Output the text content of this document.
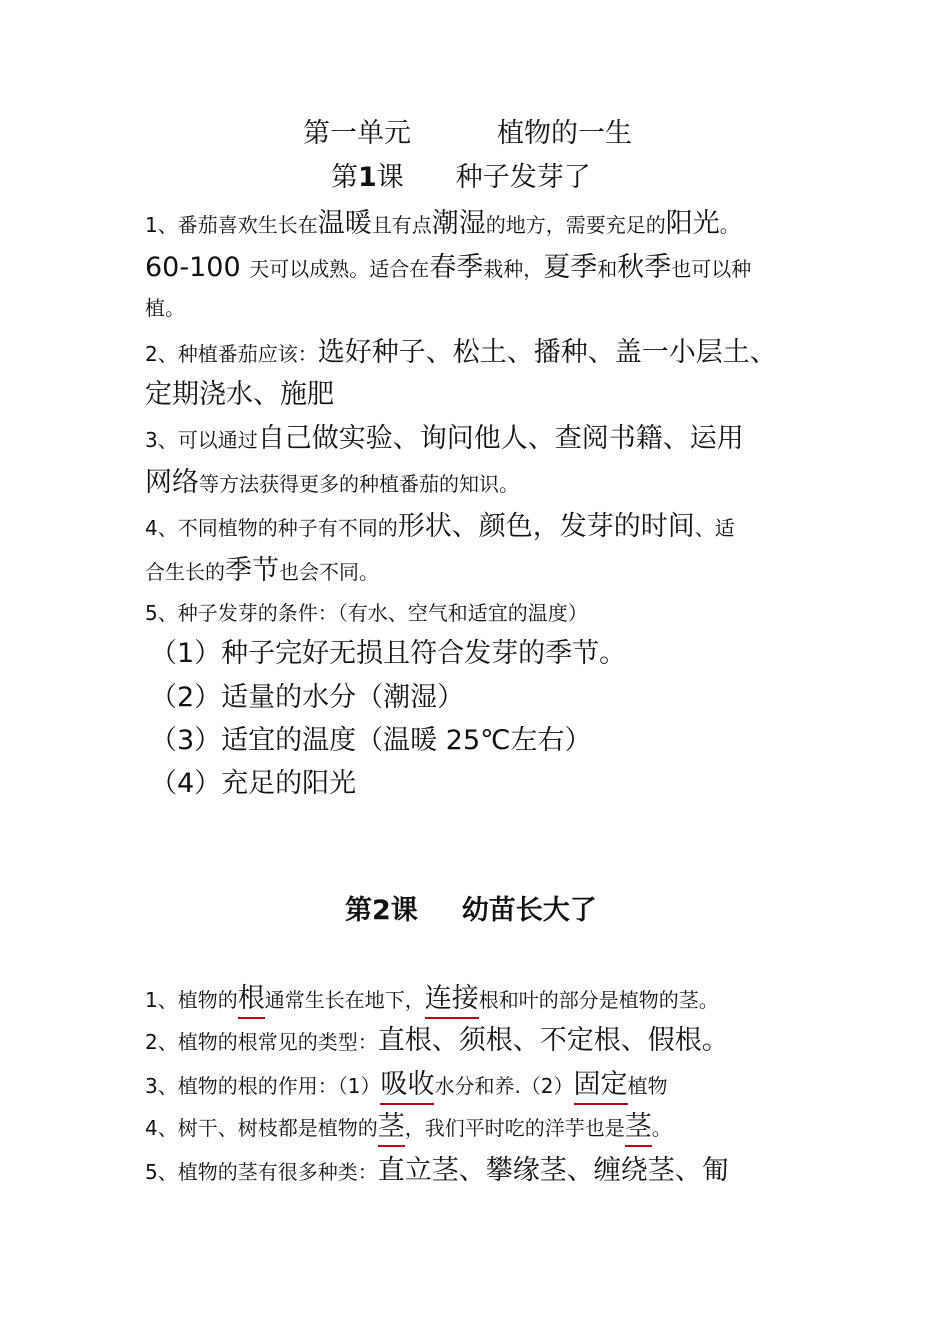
第一单元	植物的一生
第1课 种子发芽了
1、番茄喜欢生长在温暖且有点潮湿的地方，需要充足的阳光。
60-100 天可以成熟。适合在春季栽种，夏季和秋季也可以种
植。
2、种植番茄应该：选好种子、松土、播种、盖一小层土、
定期浇水、施肥
3、可以通过自己做实验、询问他人、查阅书籍、运用
网络等方法获得更多的种植番茄的知识。
4、不同植物的种子有不同的形状、颜色，发芽的时间、适
合生长的季节也会不同。
5、种子发芽的条件：（有水、空气和适宜的温度）
（1）种子完好无损且符合发芽的季节。
（2）适量的水分（潮湿）
（3）适宜的温度（温暖 25℃左右）
（4）充足的阳光
第2课 幼苗长大了
1、植物的根通常生长在地下，连接根和叶的部分是植物的茎。
2、植物的根常见的类型：直根、须根、不定根、假根。
3、植物的根的作用：（1）吸收水分和养.（2）固定植物
4、树干、树枝都是植物的茎，我们平时吃的洋芋也是茎。
5、植物的茎有很多种类：直立茎、攀缘茎、缠绕茎、匍
